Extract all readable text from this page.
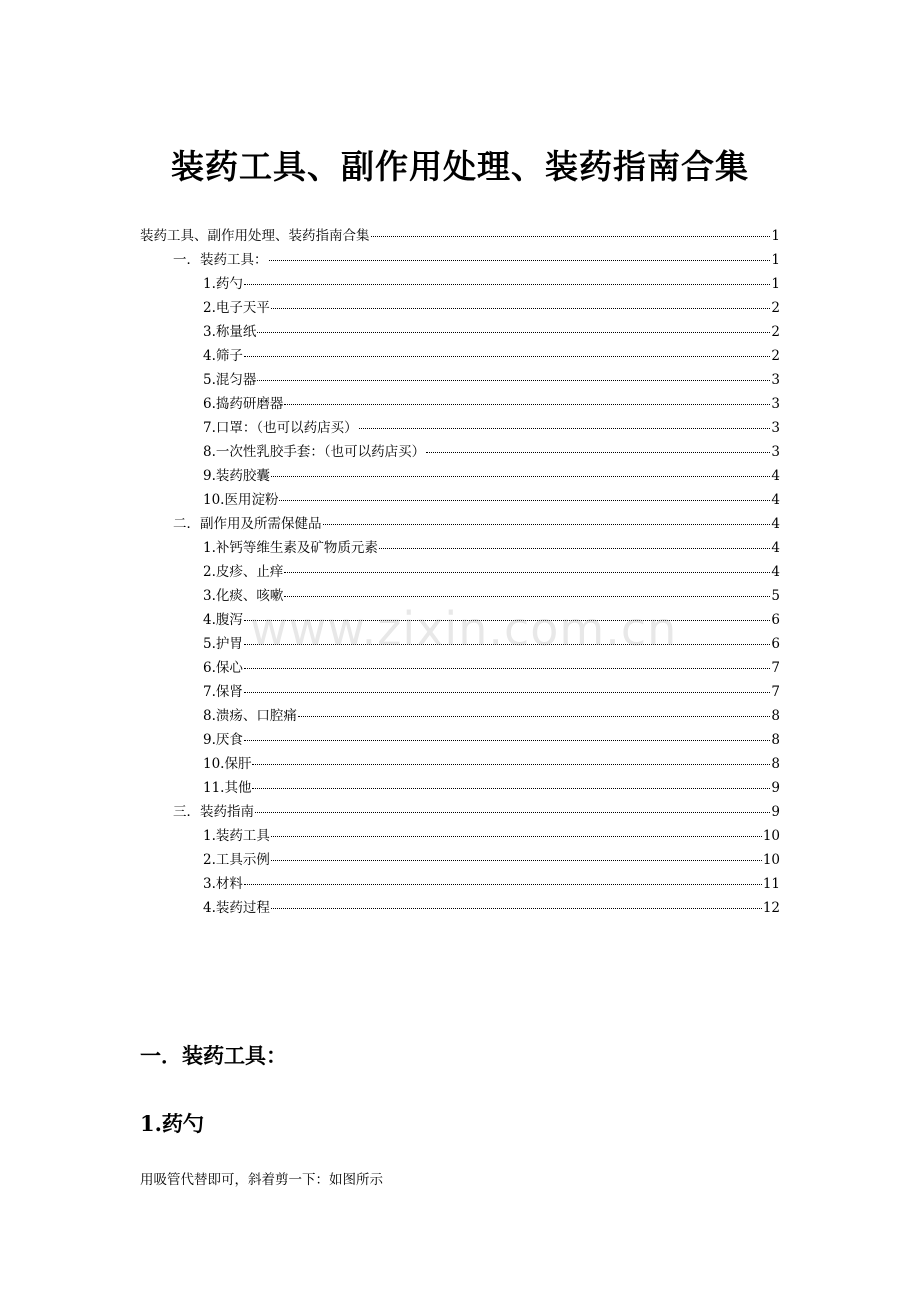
装药工具、副作用处理、装药指南合集
装药工具、副作用处理、装药指南合集	1
一．装药工具：	1
1.药勺	1
2.电子天平	2
3.称量纸	2
4.筛子	2
5.混匀器	3
6.捣药研磨器	3
7.口罩：（也可以药店买）	3
8.一次性乳胶手套：（也可以药店买）	3
9.装药胶囊	4
10.医用淀粉	4
二．副作用及所需保健品	4
1.补钙等维生素及矿物质元素	4
2.皮疹、止痒	4
3.化痰、咳嗽	5
4.腹泻	6
5.护胃	6
6.保心	7
7.保肾	7
8.溃疡、口腔痛	8
9.厌食	8
10.保肝	8
11.其他	9
三．装药指南	9
1.装药工具	10
2.工具示例	10
3.材料	11
4.装药过程	12
www.zixin.com.cn
一．装药工具：
1.药勺

用吸管代替即可，斜着剪一下：如图所示
